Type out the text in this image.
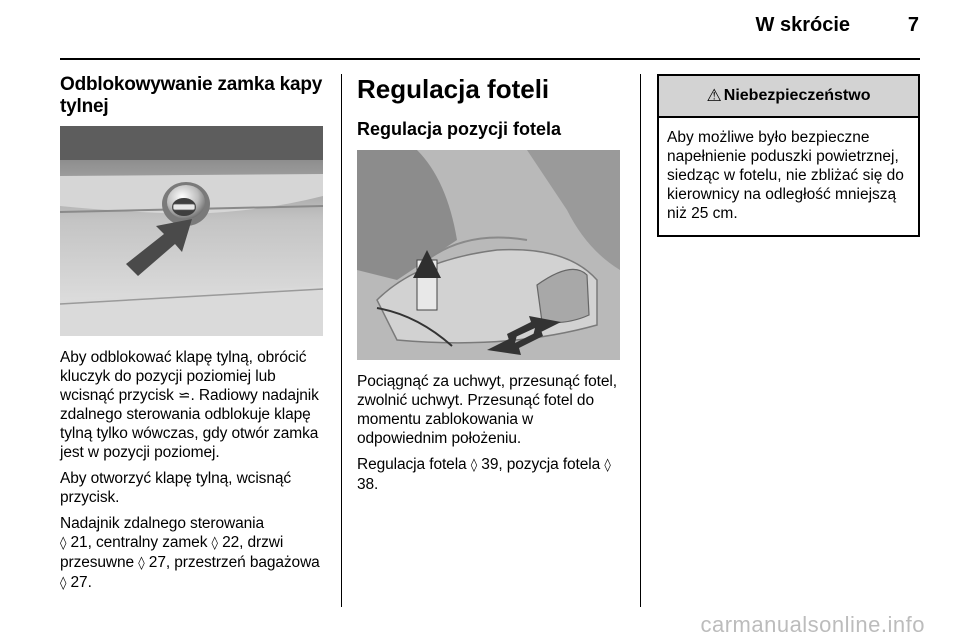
W skrócie	7
Odblokowywanie zamka kapy tylnej

Aby odblokować klapę tylną, obrócić kluczyk do pozycji poziomiej lub wcisnąć przycisk ⋍. Radiowy nadajnik zdalnego sterowania odblokuje klapę tylną tylko wówczas, gdy otwór zamka jest w pozycji poziomej.

Aby otworzyć klapę tylną, wcisnąć przycisk.

Nadajnik zdalnego sterowania
◊ 21, centralny zamek ◊ 22, drzwi przesuwne ◊ 27, przestrzeń bagażowa ◊ 27.

Regulacja foteli
Regulacja pozycji fotela

Pociągnąć za uchwyt, przesunąć fotel, zwolnić uchwyt. Przesunąć fotel do momentu zablokowania w odpowiednim położeniu.

Regulacja fotela ◊ 39, pozycja fotela ◊ 38.

⚠ Niebezpieczeństwo
Aby możliwe było bezpieczne napełnienie poduszki powietrznej, siedząc w fotelu, nie zbliżać się do kierownicy na odległość mniejszą niż 25 cm.
carmanualsonline.info
